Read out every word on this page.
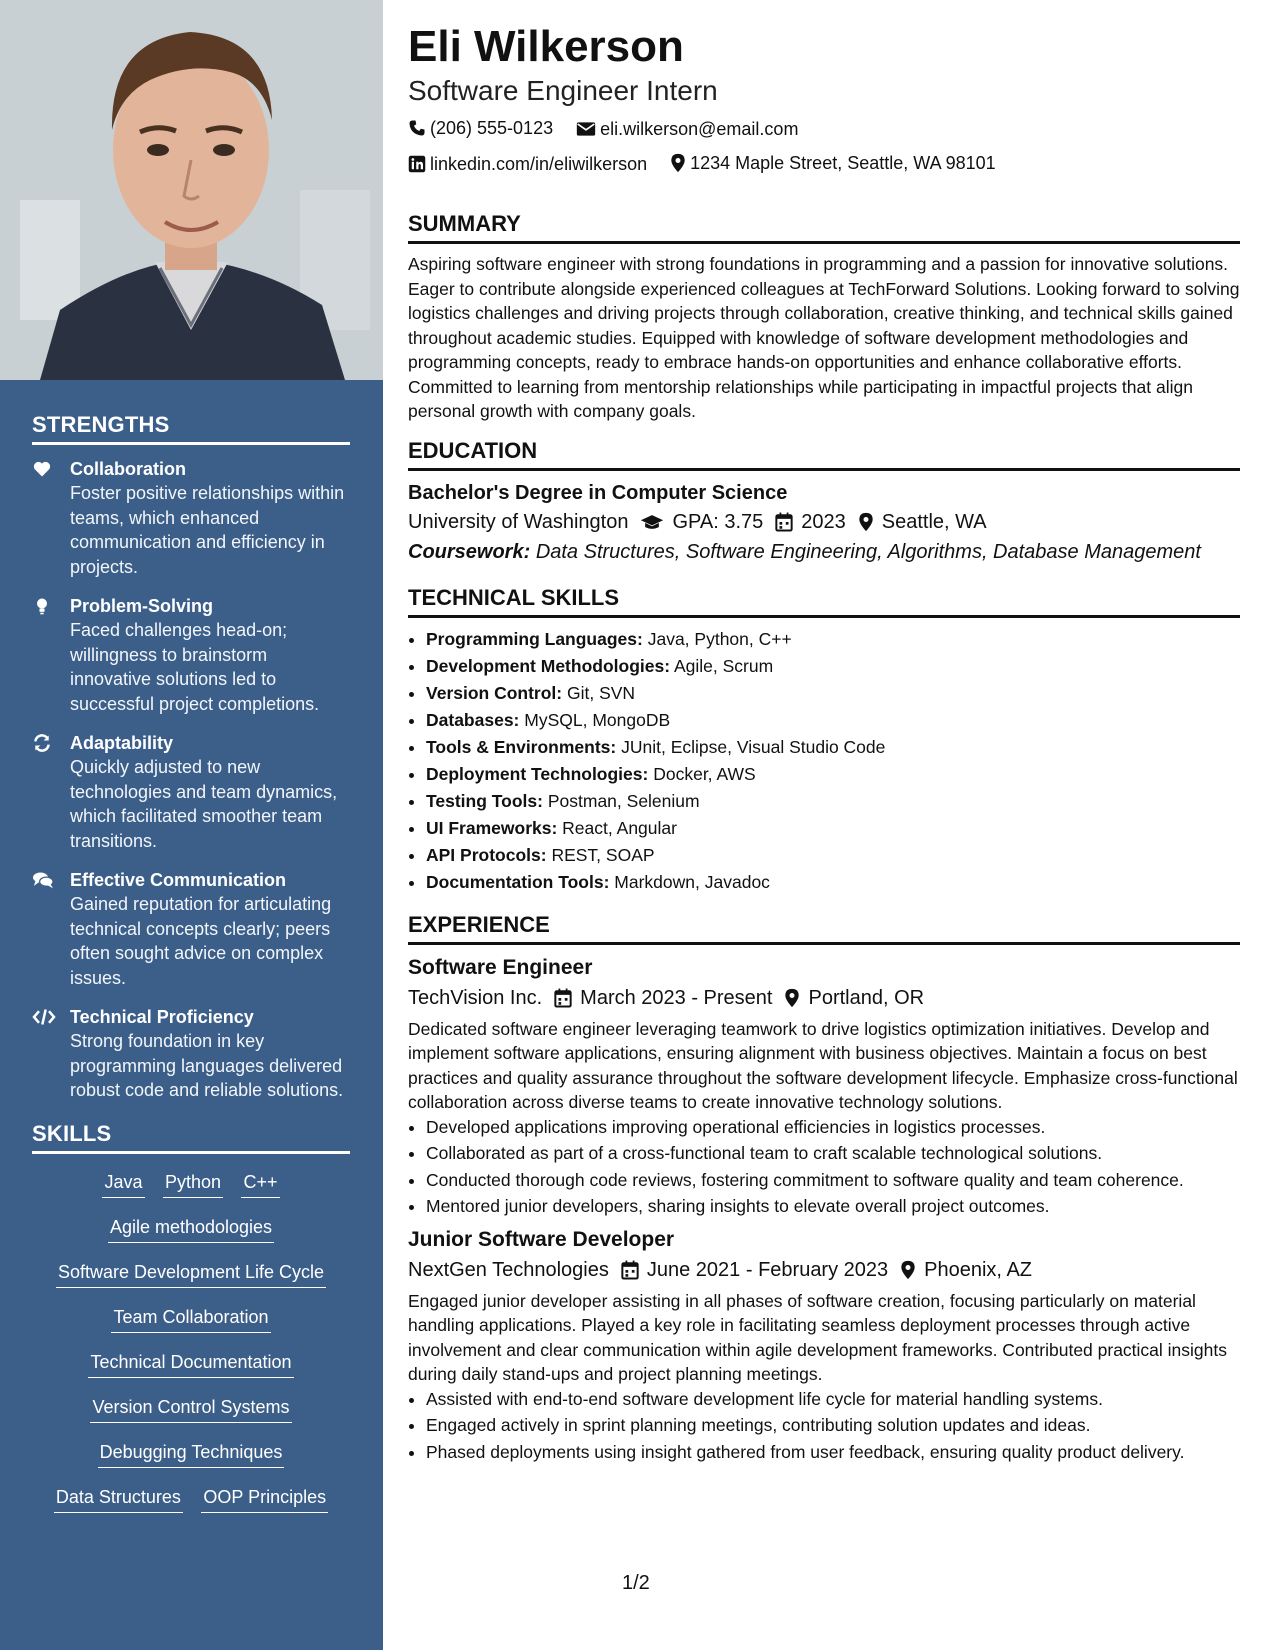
STRENGTHS
Collaboration
Foster positive relationships within teams, which enhanced communication and efficiency in projects.
Problem-Solving
Faced challenges head-on; willingness to brainstorm innovative solutions led to successful project completions.
Adaptability
Quickly adjusted to new technologies and team dynamics, which facilitated smoother team transitions.
Effective Communication
Gained reputation for articulating technical concepts clearly; peers often sought advice on complex issues.
Technical Proficiency
Strong foundation in key programming languages delivered robust code and reliable solutions.
SKILLS
Java Python C++
Agile methodologies
Software Development Life Cycle
Team Collaboration
Technical Documentation
Version Control Systems
Debugging Techniques
Data Structures OOP Principles
Eli Wilkerson
Software Engineer Intern
(206) 555-0123
	eli.wilkerson@email.com

linkedin.com/in/eliwilkerson
1234 Maple Street, Seattle, WA 98101
SUMMARY

Aspiring software engineer with strong foundations in programming and a passion for innovative solutions. Eager to contribute alongside experienced colleagues at TechForward Solutions. Looking forward to solving logistics challenges and driving projects through collaboration, creative thinking, and technical skills gained throughout academic studies. Equipped with knowledge of software development methodologies and programming concepts, ready to embrace hands-on opportunities and enhance collaborative efforts. Committed to learning from mentorship relationships while participating in impactful projects that align personal growth with company goals.

EDUCATION
Bachelor's Degree in Computer Science
University of Washington GPA: 3.75 2023 Seattle, WA
Coursework: Data Structures, Software Engineering, Algorithms, Database Management
TECHNICAL SKILLS
• Programming Languages: Java, Python, C++
• Development Methodologies: Agile, Scrum
• Version Control: Git, SVN
• Databases: MySQL, MongoDB
• Tools & Environments: JUnit, Eclipse, Visual Studio Code
• Deployment Technologies: Docker, AWS
• Testing Tools: Postman, Selenium
• UI Frameworks: React, Angular
• API Protocols: REST, SOAP
• Documentation Tools: Markdown, Javadoc
EXPERIENCE
Software Engineer
TechVision Inc. March 2023 - Present Portland, OR

Dedicated software engineer leveraging teamwork to drive logistics optimization initiatives. Develop and implement software applications, ensuring alignment with business objectives. Maintain a focus on best practices and quality assurance throughout the software development lifecycle. Emphasize cross-functional collaboration across diverse teams to create innovative technology solutions.

• Developed applications improving operational efficiencies in logistics processes.
• Collaborated as part of a cross-functional team to craft scalable technological solutions.
• Conducted thorough code reviews, fostering commitment to software quality and team coherence.
• Mentored junior developers, sharing insights to elevate overall project outcomes.
Junior Software Developer
NextGen Technologies June 2021 - February 2023 Phoenix, AZ

Engaged junior developer assisting in all phases of software creation, focusing particularly on material handling applications. Played a key role in facilitating seamless deployment processes through active involvement and clear communication within agile development frameworks. Contributed practical insights during daily stand-ups and project planning meetings.

• Assisted with end-to-end software development life cycle for material handling systems.
• Engaged actively in sprint planning meetings, contributing solution updates and ideas.
• Phased deployments using insight gathered from user feedback, ensuring quality product delivery.
1/2
